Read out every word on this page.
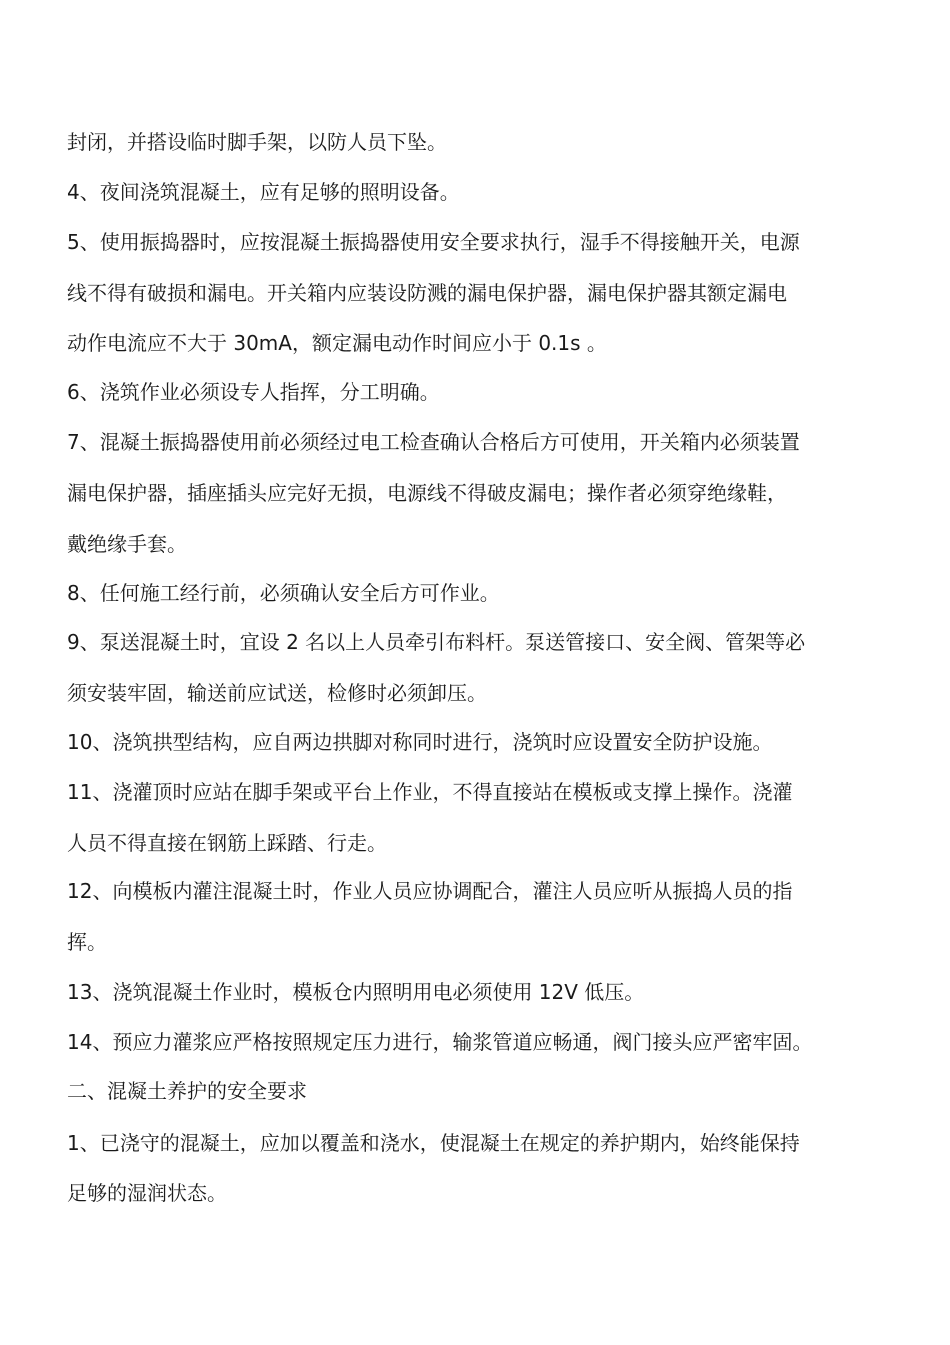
封闭，并搭设临时脚手架，以防人员下坠。

4、夜间浇筑混凝土，应有足够的照明设备。

5、使用振捣器时，应按混凝土振捣器使用安全要求执行，湿手不得接触开关，电源

线不得有破损和漏电。开关箱内应装设防溅的漏电保护器，漏电保护器其额定漏电

动作电流应不大于 30mA，额定漏电动作时间应小于 0.1s 。

6、浇筑作业必须设专人指挥，分工明确。

7、混凝土振捣器使用前必须经过电工检查确认合格后方可使用，开关箱内必须装置

漏电保护器，插座插头应完好无损，电源线不得破皮漏电；操作者必须穿绝缘鞋，

戴绝缘手套。

8、任何施工经行前，必须确认安全后方可作业。

9、泵送混凝土时，宜设 2 名以上人员牵引布料杆。泵送管接口、安全阀、管架等必

须安装牢固，输送前应试送，检修时必须卸压。

10、浇筑拱型结构，应自两边拱脚对称同时进行，浇筑时应设置安全防护设施。

11、浇灌顶时应站在脚手架或平台上作业，不得直接站在模板或支撑上操作。浇灌

人员不得直接在钢筋上踩踏、行走。

12、向模板内灌注混凝土时，作业人员应协调配合，灌注人员应听从振捣人员的指

挥。

13、浇筑混凝土作业时，模板仓内照明用电必须使用 12V 低压。

14、预应力灌浆应严格按照规定压力进行，输浆管道应畅通，阀门接头应严密牢固。

二、混凝土养护的安全要求

1、已浇守的混凝土，应加以覆盖和浇水，使混凝土在规定的养护期内，始终能保持

足够的湿润状态。
